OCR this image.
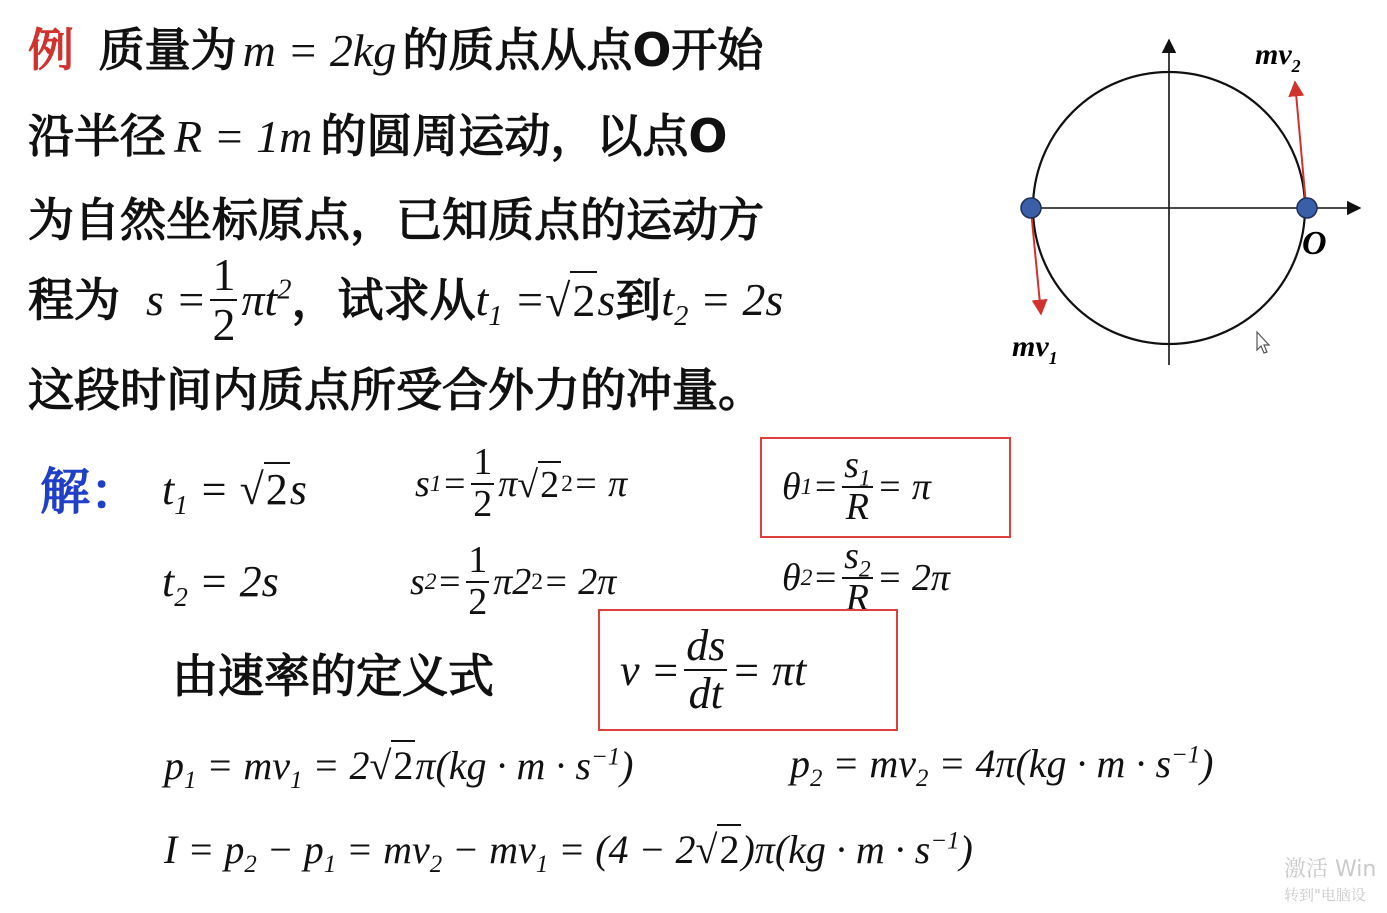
例 质量为 m = 2kg 的质点从点O开始
沿半径 R = 1m 的圆周运动，以点O
为自然坐标原点，已知质点的运动方
程为 $s = \frac{1}{2} \pi t^2$ ，试求从 $t_1$ = √ 2 s 到 $t_2 = 2s$
这段时间内质点所受合外力的冲量。
$mv_2$
$mv_1$
O
解： $t_1$ = √ 2 s	s $1 = \frac{1}{2}$ π √ 2 2 = π	θ $1 = \frac{s_1}{R} = \pi$
$t_2 = 2s$	s $2 = \frac{1}{2} \pi 2$ 2 = 2π	θ $2 = \frac{s_2}{R} = 2\pi$
由速率的定义式	$v = \frac{ds}{dt} = \pi t$
$p_1 = mv_1 = 2$ √ 2 $\pi(kg \cdot m \cdot s^{-1})$	$p_2 = mv_2 = 4\pi(kg \cdot m \cdot s^{-1})$
$I = p_2 - p_1 = mv_2 - mv_1 = (4 - 2$ √ 2 )$\pi(kg \cdot m \cdot s^{-1})$	激活 Win
转到"电脑设
